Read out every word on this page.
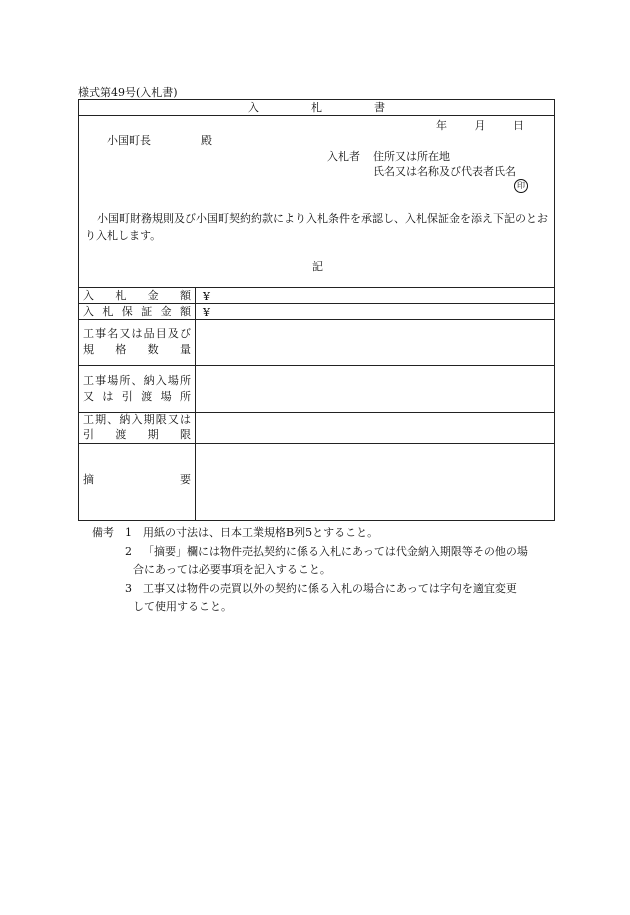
様式第49号(入札書)
入札書
年 月 日
小国町長	殿
入札者 住所又は所在地
氏名又は名称及び代表者氏名
印
小国町財務規則及び小国町契約約款により入札条件を承認し、入札保証金を添え下記のとおり入札します。
記
入札金額 ¥
入札保証金額 ¥
工事名又は品目及び
規格数量
工事場所、納入場所
又は引渡場所
工期、納入期限又は
引渡期限
摘要
備考 1 用紙の寸法は、日本工業規格B列5とすること。
2 「摘要」欄には物件売払契約に係る入札にあっては代金納入期限等その他の場
合にあっては必要事項を記入すること。
3 工事又は物件の売買以外の契約に係る入札の場合にあっては字句を適宜変更
して使用すること。
